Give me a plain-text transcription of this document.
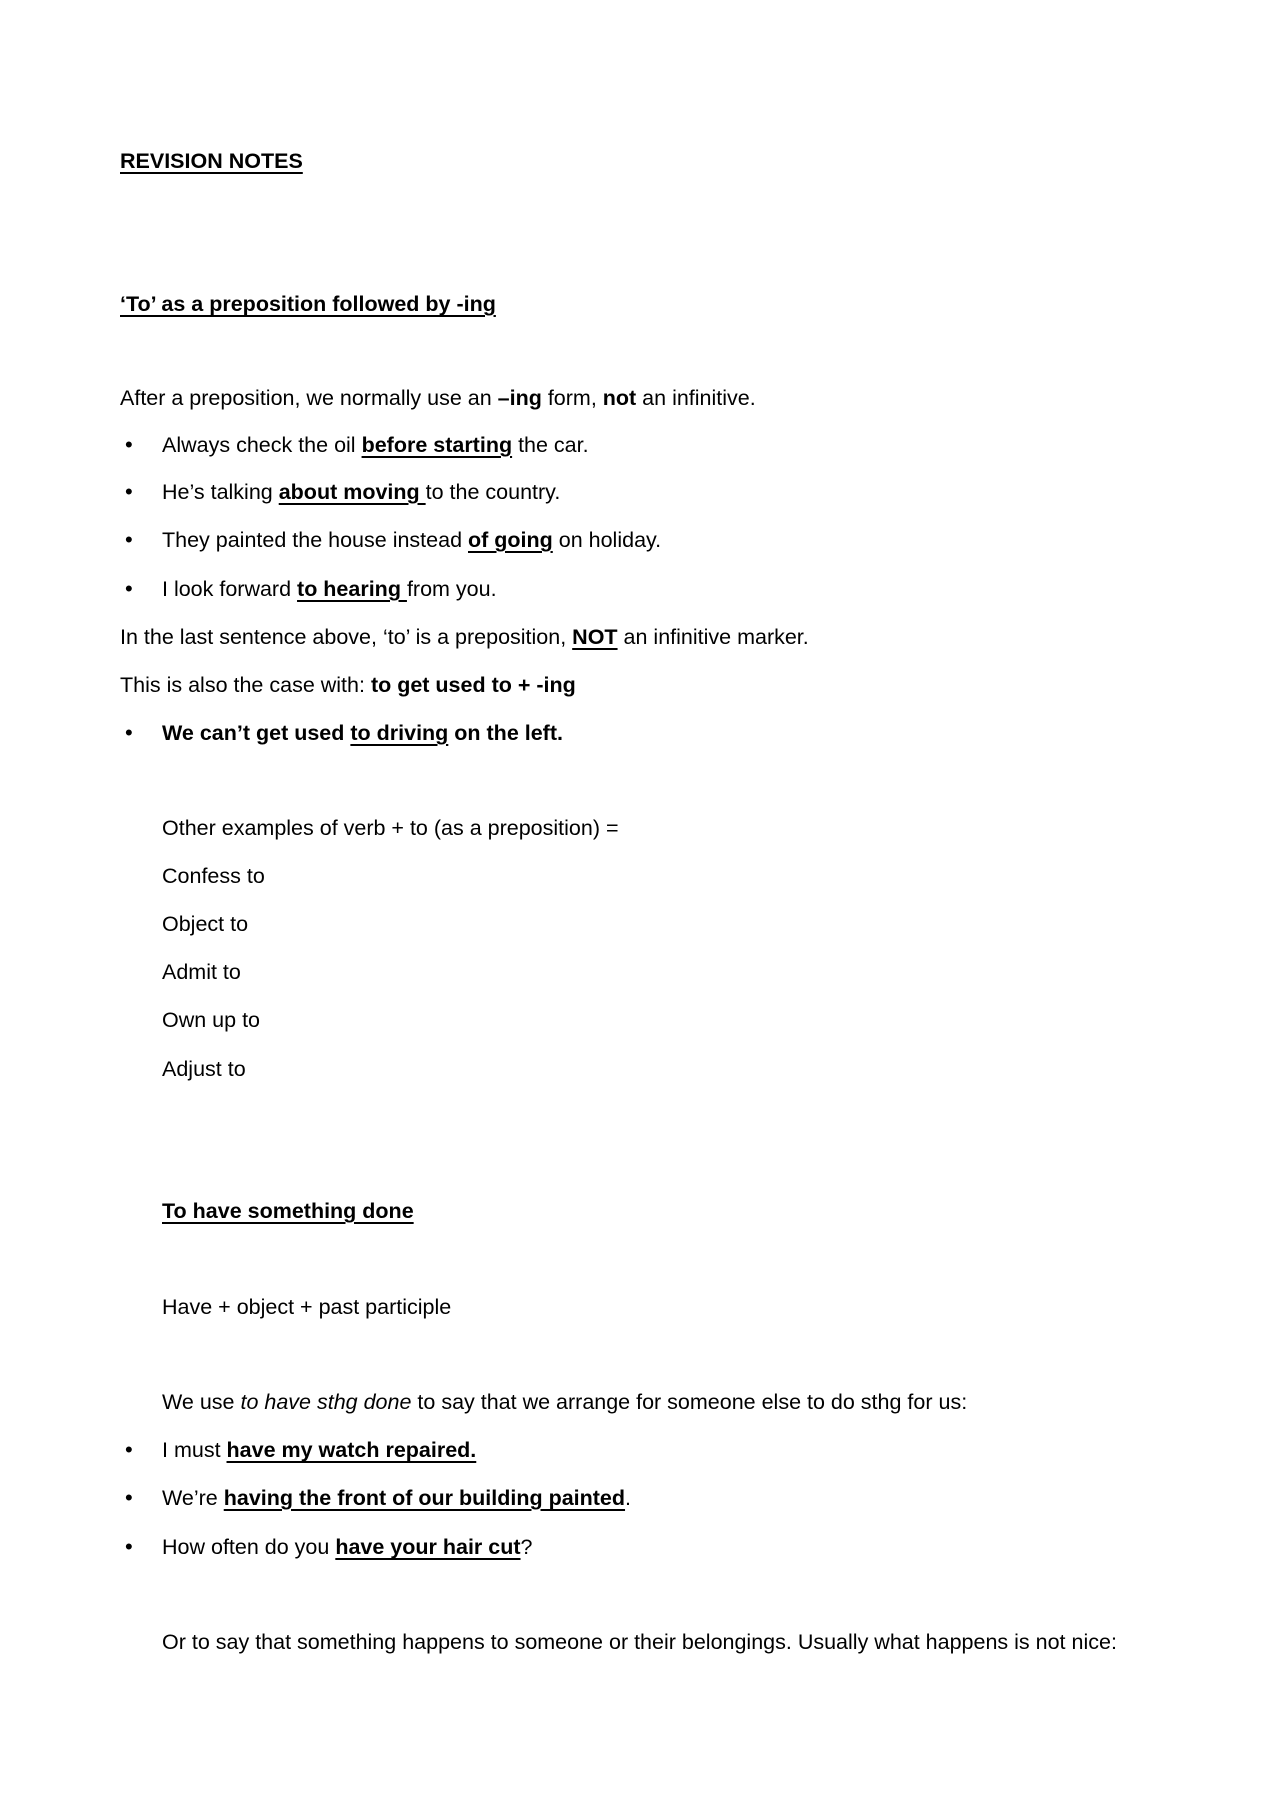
REVISION NOTES
‘To’ as a preposition followed by -ing
After a preposition, we normally use an –ing form, not an infinitive.
• Always check the oil before starting the car.
• He’s talking about moving to the country.
• They painted the house instead of going on holiday.
• I look forward to hearing from you.
In the last sentence above, ‘to’ is a preposition, NOT an infinitive marker.
This is also the case with: to get used to + -ing
• We can’t get used to driving on the left.
Other examples of verb + to (as a preposition) =
Confess to
Object to
Admit to
Own up to
Adjust to
To have something done
Have + object + past participle
We use to have sthg done to say that we arrange for someone else to do sthg for us:
• I must have my watch repaired.
• We’re having the front of our building painted.
• How often do you have your hair cut?
Or to say that something happens to someone or their belongings. Usually what happens is not nice:
